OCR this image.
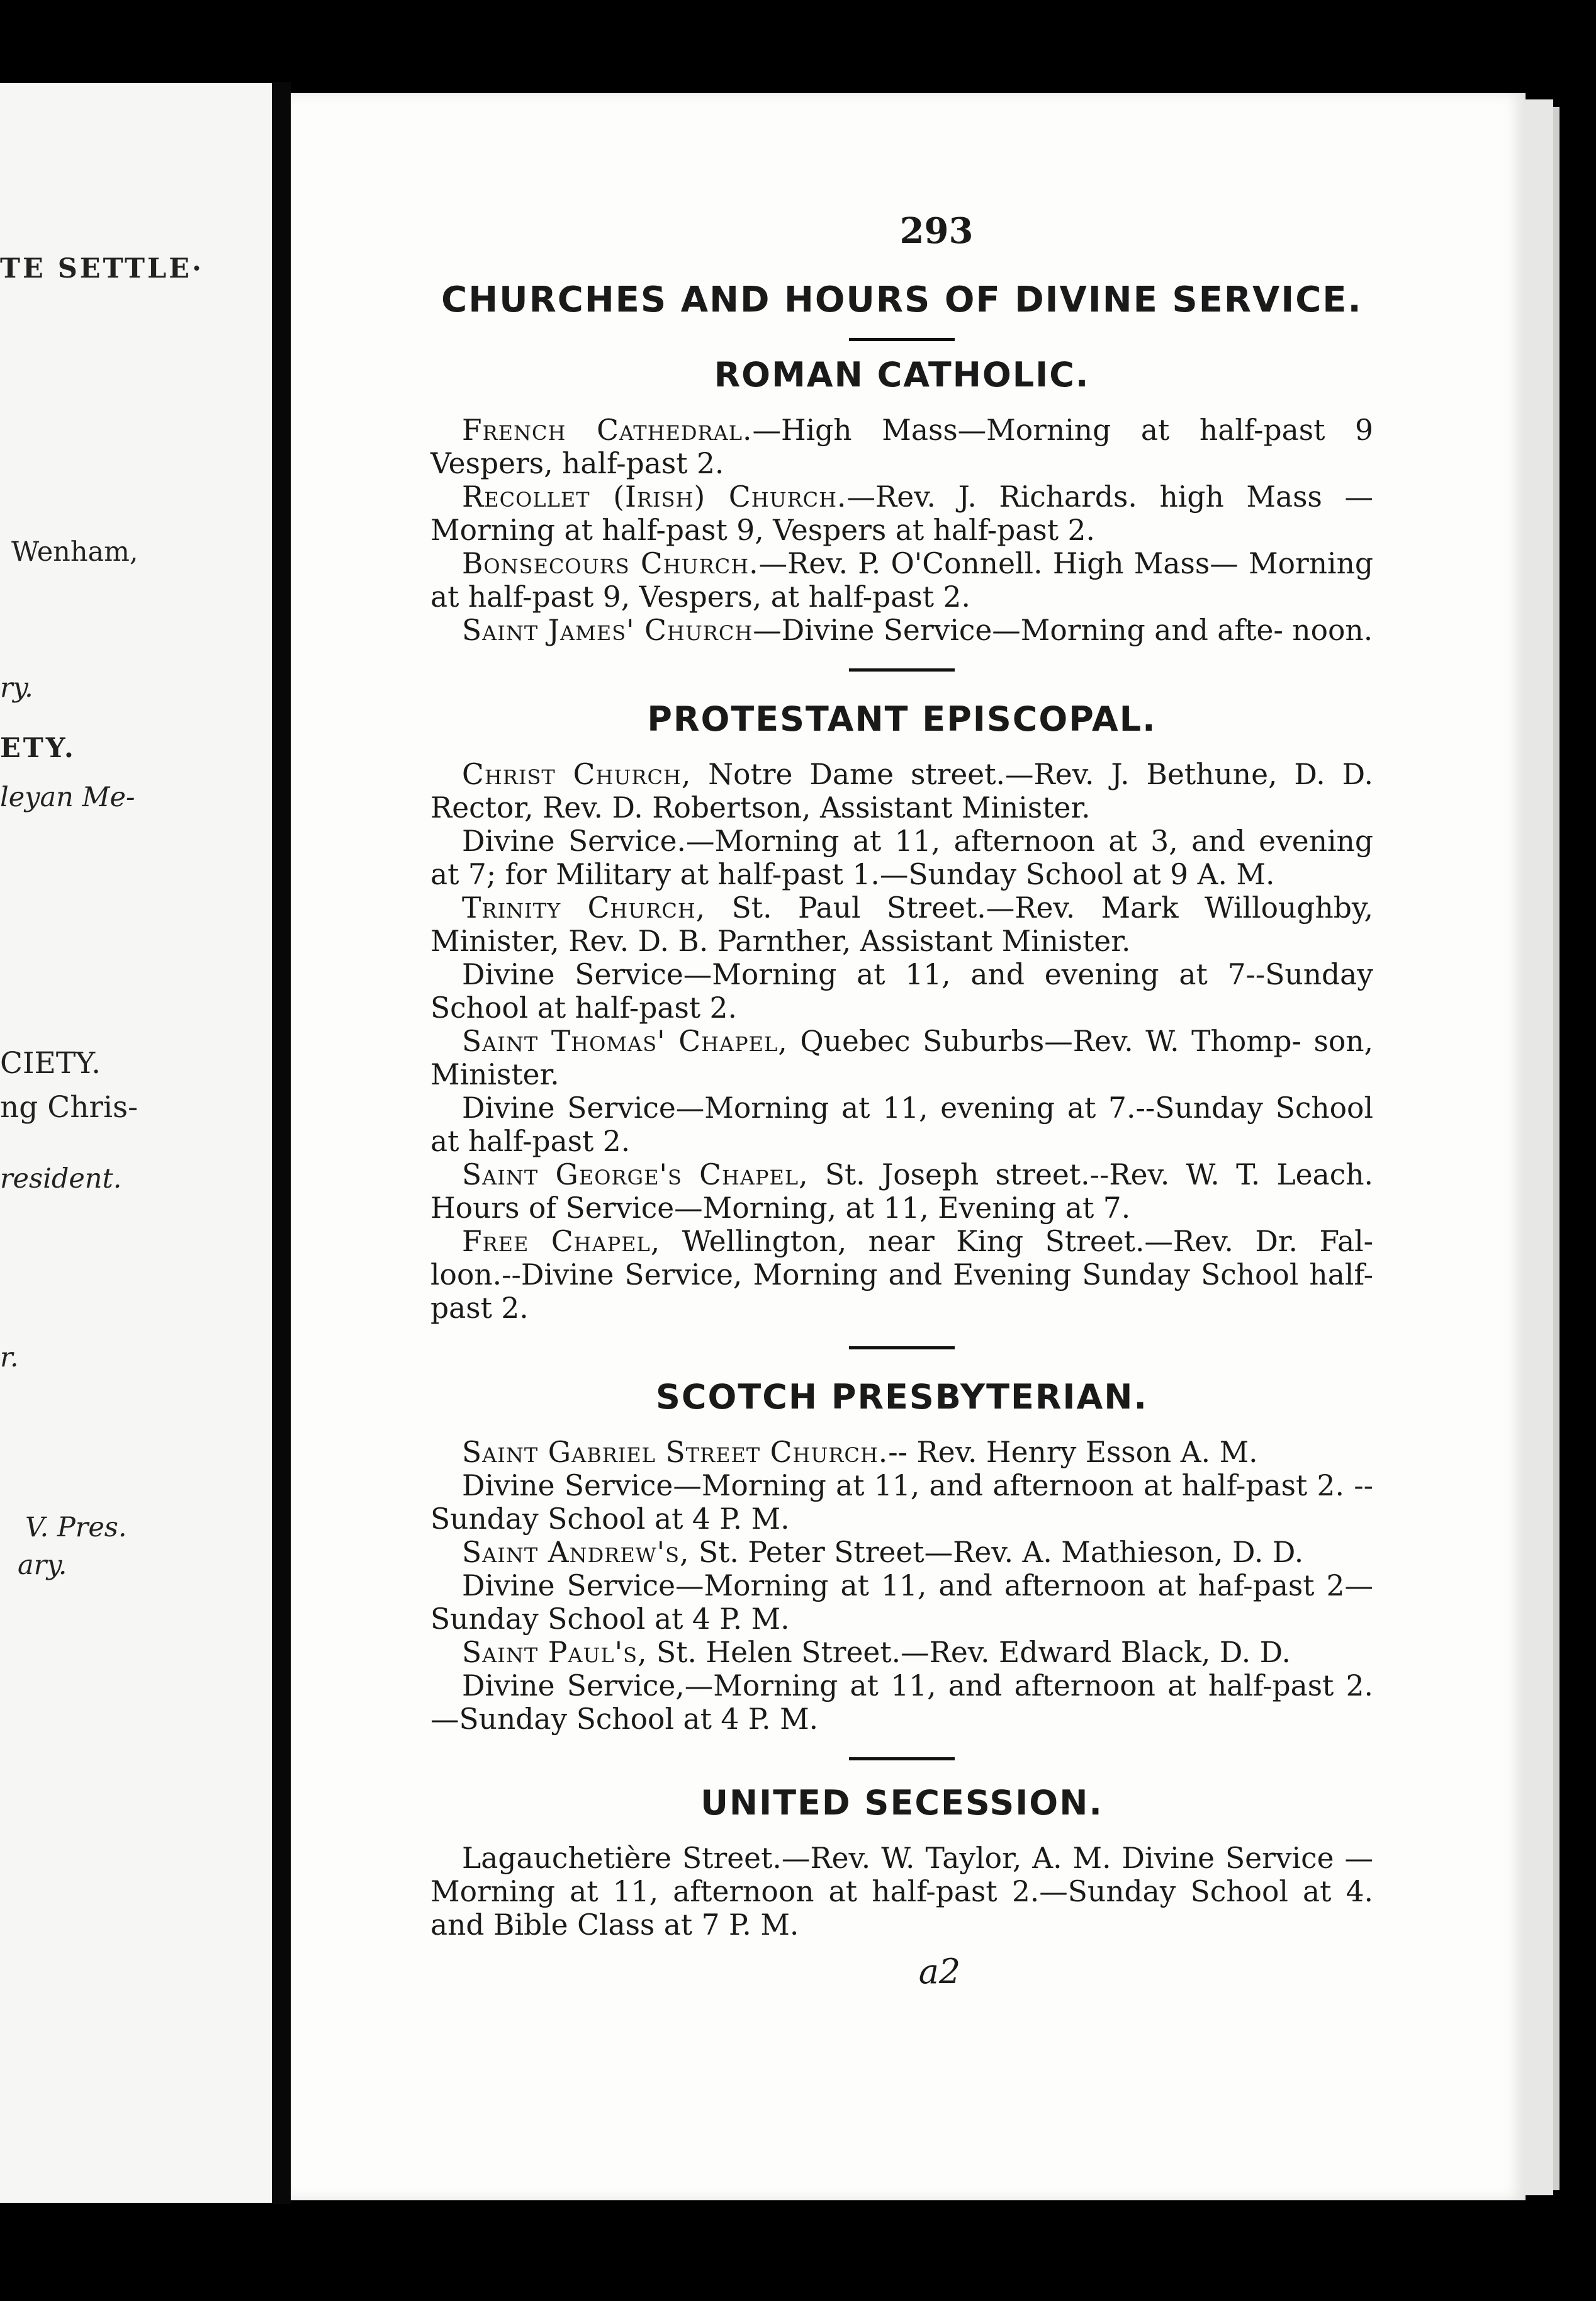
TE SETTLE·
Wenham,
ry.
ETY.
leyan Me-
CIETY.
ng Chris-
resident.
r.
V. Pres.
ary.
293
CHURCHES AND HOURS OF DIVINE SERVICE.
ROMAN CATHOLIC.

French Cathedral.—High Mass—Morning at half-past 9 Vespers, half-past 2.

Recollet (Irish) Church.—Rev. J. Richards. high Mass —Morning at half-past 9, Vespers at half-past 2.

Bonsecours Church.—Rev. P. O'Connell. High Mass— Morning at half-past 9, Vespers, at half-past 2.

Saint James' Church—Divine Service—Morning and afte- noon.

PROTESTANT EPISCOPAL.

Christ Church, Notre Dame street.—Rev. J. Bethune, D. D. Rector, Rev. D. Robertson, Assistant Minister.

Divine Service.—Morning at 11, afternoon at 3, and evening at 7; for Military at half-past 1.—Sunday School at 9 A. M.

Trinity Church, St. Paul Street.—Rev. Mark Willoughby, Minister, Rev. D. B. Parnther, Assistant Minister.

Divine Service—Morning at 11, and evening at 7--Sunday School at half-past 2.

Saint Thomas' Chapel, Quebec Suburbs—Rev. W. Thomp- son, Minister.

Divine Service—Morning at 11, evening at 7.--Sunday School at half-past 2.

Saint George's Chapel, St. Joseph street.--Rev. W. T. Leach. Hours of Service—Morning, at 11, Evening at 7.

Free Chapel, Wellington, near King Street.—Rev. Dr. Fal- loon.--Divine Service, Morning and Evening Sunday School half-past 2.

SCOTCH PRESBYTERIAN.

Saint Gabriel Street Church.-- Rev. Henry Esson A. M.

Divine Service—Morning at 11, and afternoon at half-past 2. --Sunday School at 4 P. M.

Saint Andrew's, St. Peter Street—Rev. A. Mathieson, D. D.

Divine Service—Morning at 11, and afternoon at haf-past 2— Sunday School at 4 P. M.

Saint Paul's, St. Helen Street.—Rev. Edward Black, D. D.

Divine Service,—Morning at 11, and afternoon at half-past 2. —Sunday School at 4 P. M.

UNITED SECESSION.

Lagauchetière Street.—Rev. W. Taylor, A. M. Divine Service —Morning at 11, afternoon at half-past 2.—Sunday School at 4. and Bible Class at 7 P. M.

a2
